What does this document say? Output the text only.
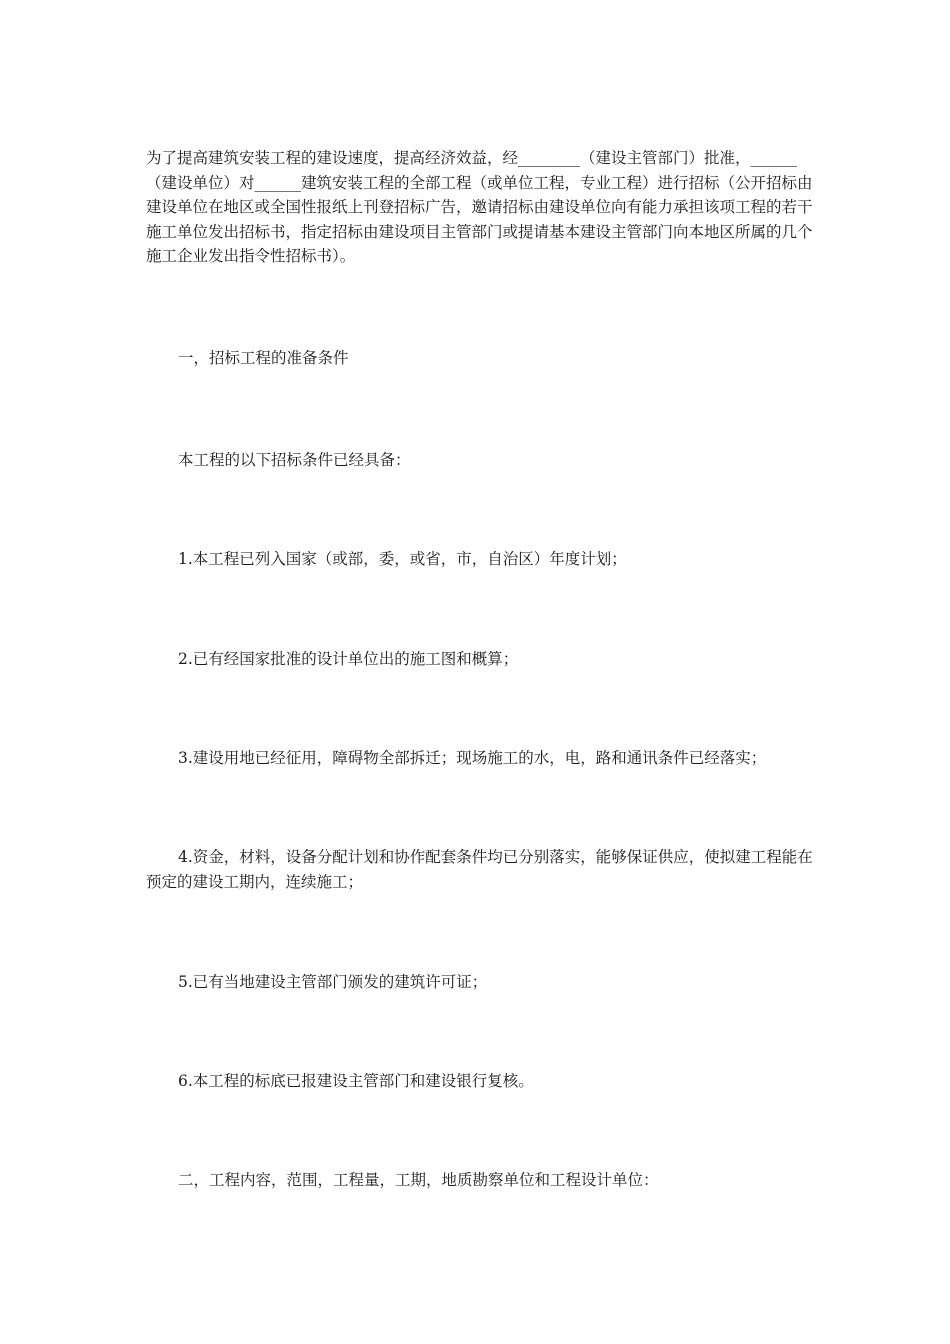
为了提高建筑安装工程的建设速度，提高经济效益，经________（建设主管部门）批准，______（建设单位）对______建筑安装工程的全部工程（或单位工程，专业工程）进行招标（公开招标由建设单位在地区或全国性报纸上刊登招标广告，邀请招标由建设单位向有能力承担该项工程的若干施工单位发出招标书，指定招标由建设项目主管部门或提请基本建设主管部门向本地区所属的几个施工企业发出指令性招标书）。

一，招标工程的准备条件

本工程的以下招标条件已经具备：

1.本工程已列入国家（或部，委，或省，市，自治区）年度计划；

2.已有经国家批准的设计单位出的施工图和概算；

3.建设用地已经征用，障碍物全部拆迁；现场施工的水，电，路和通讯条件已经落实；

4.资金，材料，设备分配计划和协作配套条件均已分别落实，能够保证供应，使拟建工程能在预定的建设工期内，连续施工；

5.已有当地建设主管部门颁发的建筑许可证；

6.本工程的标底已报建设主管部门和建设银行复核。

二，工程内容，范围，工程量，工期，地质勘察单位和工程设计单位：
